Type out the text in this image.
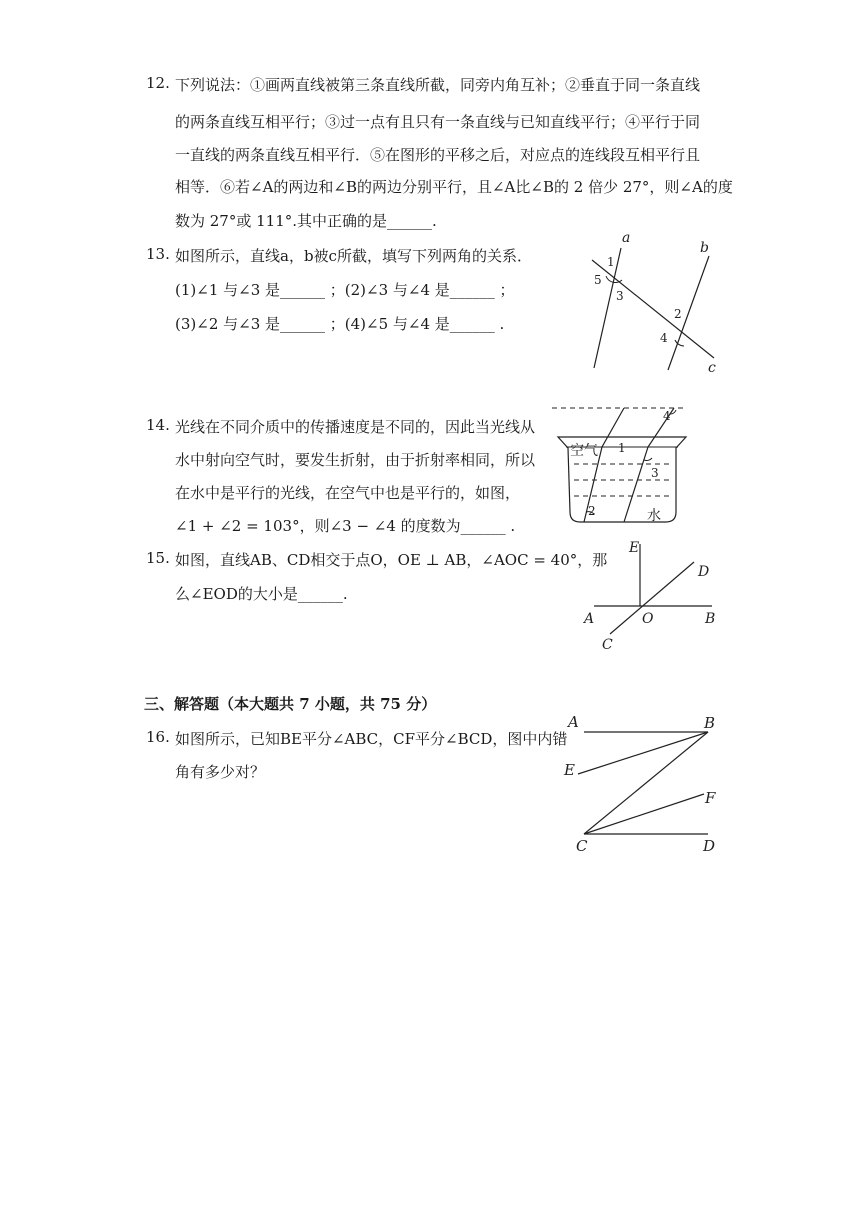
12. 下列说法：①画两直线被第三条直线所截，同旁内角互补；②垂直于同一条直线
的两条直线互相平行；③过一点有且只有一条直线与已知直线平行；④平行于同
一直线的两条直线互相平行．⑤在图形的平移之后，对应点的连线段互相平行且
相等．⑥若∠A的两边和∠B的两边分别平行，且∠A比∠B的 2 倍少 27°，则∠A的度
数为 27°或 111°.其中正确的是______.
13. 如图所示，直线a，b被c所截，填写下列两角的关系．
(1)∠1 与∠3 是______ ；(2)∠3 与∠4 是______ ；
(3)∠2 与∠3 是______ ；(4)∠5 与∠4 是______ .
a
b
c
1
5
3
2
4
14. 光线在不同介质中的传播速度是不同的，因此当光线从
水中射向空气时，要发生折射，由于折射率相同，所以
在水中是平行的光线，在空气中也是平行的，如图，
∠1 + ∠2 = 103°，则∠3 − ∠4 的度数为______ .
空气
水
1
2
3
4
15. 如图，直线AB、CD相交于点O，OE ⊥ AB，∠AOC = 40°，那
么∠EOD的大小是______.
E
D
A	O	B
C
三、解答题（本大题共 7 小题，共 75 分）
16. 如图所示，已知BE平分∠ABC，CF平分∠BCD，图中内错
角有多少对？
A	B
E
F
C	D
